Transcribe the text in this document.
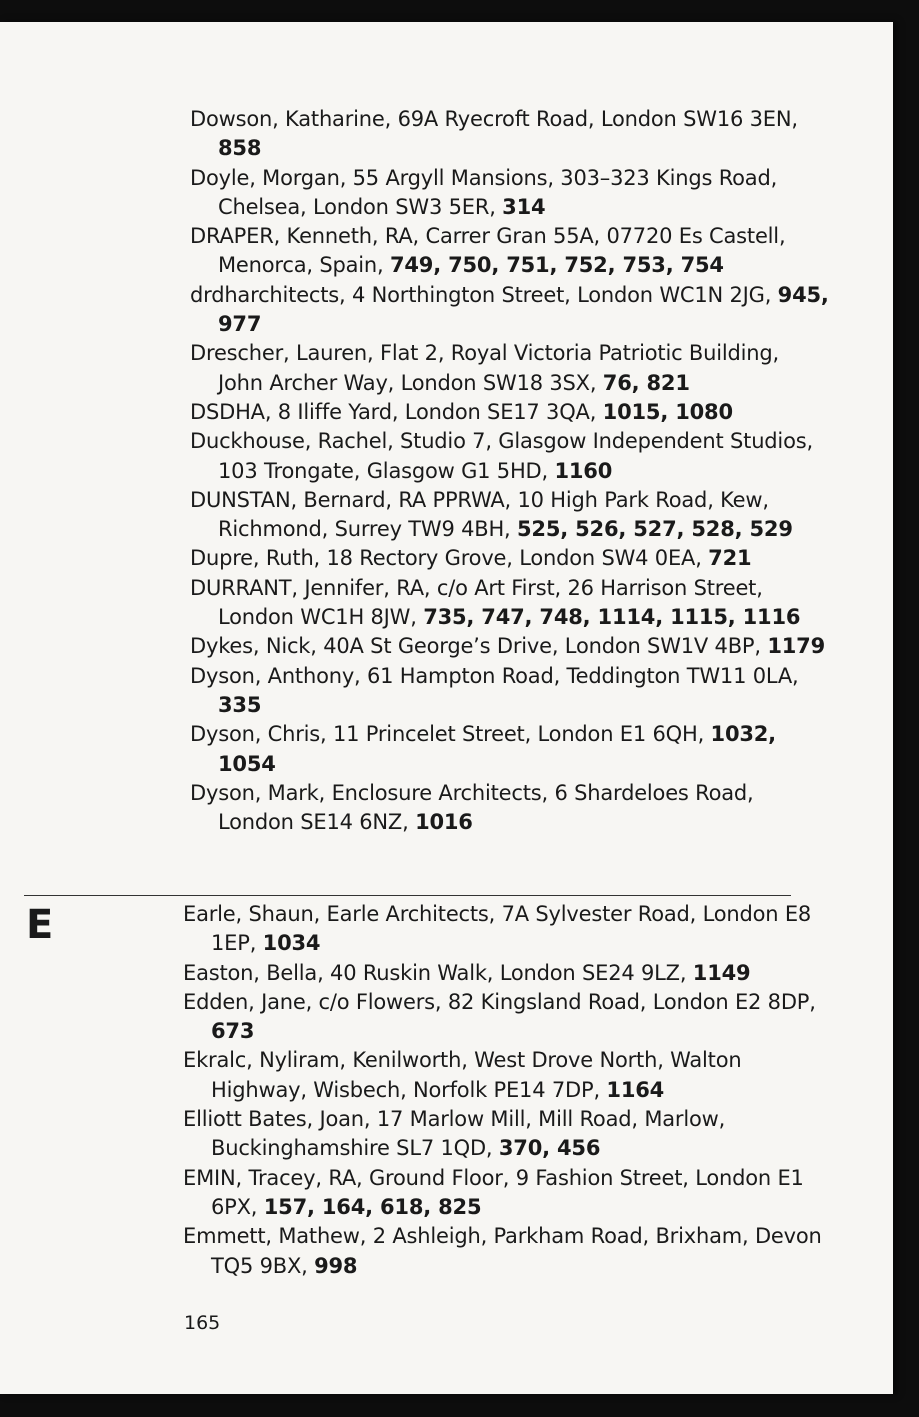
Dowson, Katharine, 69A Ryecroft Road, London SW16 3EN, 858
Doyle, Morgan, 55 Argyll Mansions, 303–323 Kings Road, Chelsea, London SW3 5ER, 314
DRAPER, Kenneth, RA, Carrer Gran 55A, 07720 Es Castell, Menorca, Spain, 749, 750, 751, 752, 753, 754
drdharchitects, 4 Northington Street, London WC1N 2JG, 945, 977
Drescher, Lauren, Flat 2, Royal Victoria Patriotic Building, John Archer Way, London SW18 3SX, 76, 821
DSDHA, 8 Iliffe Yard, London SE17 3QA, 1015, 1080
Duckhouse, Rachel, Studio 7, Glasgow Independent Studios, 103 Trongate, Glasgow G1 5HD, 1160
DUNSTAN, Bernard, RA PPRWA, 10 High Park Road, Kew, Richmond, Surrey TW9 4BH, 525, 526, 527, 528, 529
Dupre, Ruth, 18 Rectory Grove, London SW4 0EA, 721
DURRANT, Jennifer, RA, c/o Art First, 26 Harrison Street, London WC1H 8JW, 735, 747, 748, 1114, 1115, 1116
Dykes, Nick, 40A St George’s Drive, London SW1V 4BP, 1179
Dyson, Anthony, 61 Hampton Road, Teddington TW11 0LA, 335
Dyson, Chris, 11 Princelet Street, London E1 6QH, 1032, 1054
Dyson, Mark, Enclosure Architects, 6 Shardeloes Road, London SE14 6NZ, 1016
E	Earle, Shaun, Earle Architects, 7A Sylvester Road, London E8 1EP, 1034
Easton, Bella, 40 Ruskin Walk, London SE24 9LZ, 1149
Edden, Jane, c/o Flowers, 82 Kingsland Road, London E2 8DP, 673
Ekralc, Nyliram, Kenilworth, West Drove North, Walton Highway, Wisbech, Norfolk PE14 7DP, 1164
Elliott Bates, Joan, 17 Marlow Mill, Mill Road, Marlow, Buckinghamshire SL7 1QD, 370, 456
EMIN, Tracey, RA, Ground Floor, 9 Fashion Street, London E1 6PX, 157, 164, 618, 825
Emmett, Mathew, 2 Ashleigh, Parkham Road, Brixham, Devon TQ5 9BX, 998
165
